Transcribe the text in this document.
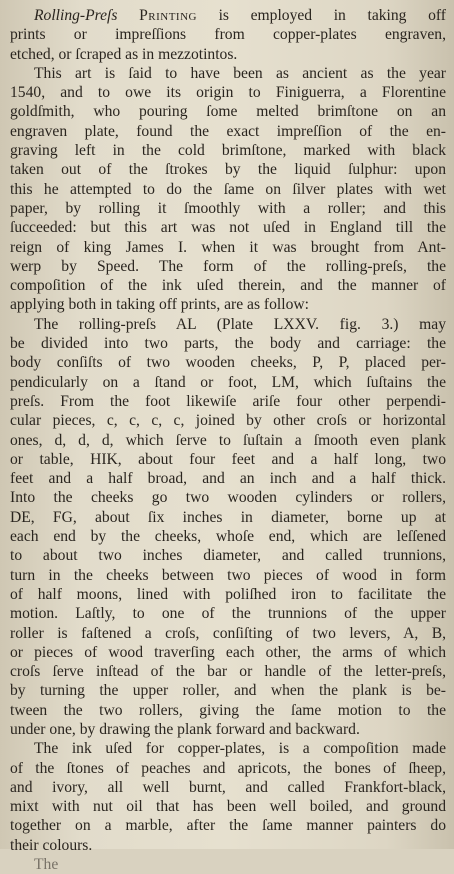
Rolling-Preſs Printing is employed in taking off
prints or impreſſions from copper-plates engraven,
etched, or ſcraped as in mezzotintos.
This art is ſaid to have been as ancient as the year
1540, and to owe its origin to Finiguerra, a Florentine
goldſmith, who pouring ſome melted brimſtone on an
engraven plate, found the exact impreſſion of the en-
graving left in the cold brimſtone, marked with black
taken out of the ſtrokes by the liquid ſulphur: upon
this he attempted to do the ſame on ſilver plates with wet
paper, by rolling it ſmoothly with a roller; and this
ſucceeded: but this art was not uſed in England till the
reign of king James I. when it was brought from Ant-
werp by Speed. The form of the rolling-preſs, the
compoſition of the ink uſed therein, and the manner of
applying both in taking off prints, are as follow:
The rolling-preſs AL (Plate LXXV. fig. 3.) may
be divided into two parts, the body and carriage: the
body conſiſts of two wooden cheeks, P, P, placed per-
pendicularly on a ſtand or foot, LM, which ſuſtains the
preſs. From the foot likewiſe ariſe four other perpendi-
cular pieces, c, c, c, c, joined by other croſs or horizontal
ones, d, d, d, which ſerve to ſuſtain a ſmooth even plank
or table, HIK, about four feet and a half long, two
feet and a half broad, and an inch and a half thick.
Into the cheeks go two wooden cylinders or rollers,
DE, FG, about ſix inches in diameter, borne up at
each end by the cheeks, whoſe end, which are leſſened
to about two inches diameter, and called trunnions,
turn in the cheeks between two pieces of wood in form
of half moons, lined with poliſhed iron to facilitate the
motion. Laſtly, to one of the trunnions of the upper
roller is faſtened a croſs, conſiſting of two levers, A, B,
or pieces of wood traverſing each other, the arms of which
croſs ſerve inſtead of the bar or handle of the letter-preſs,
by turning the upper roller, and when the plank is be-
tween the two rollers, giving the ſame motion to the
under one, by drawing the plank forward and backward.
The ink uſed for copper-plates, is a compoſition made
of the ſtones of peaches and apricots, the bones of ſheep,
and ivory, all well burnt, and called Frankfort-black,
mixt with nut oil that has been well boiled, and ground
together on a marble, after the ſame manner painters do
their colours.
The
